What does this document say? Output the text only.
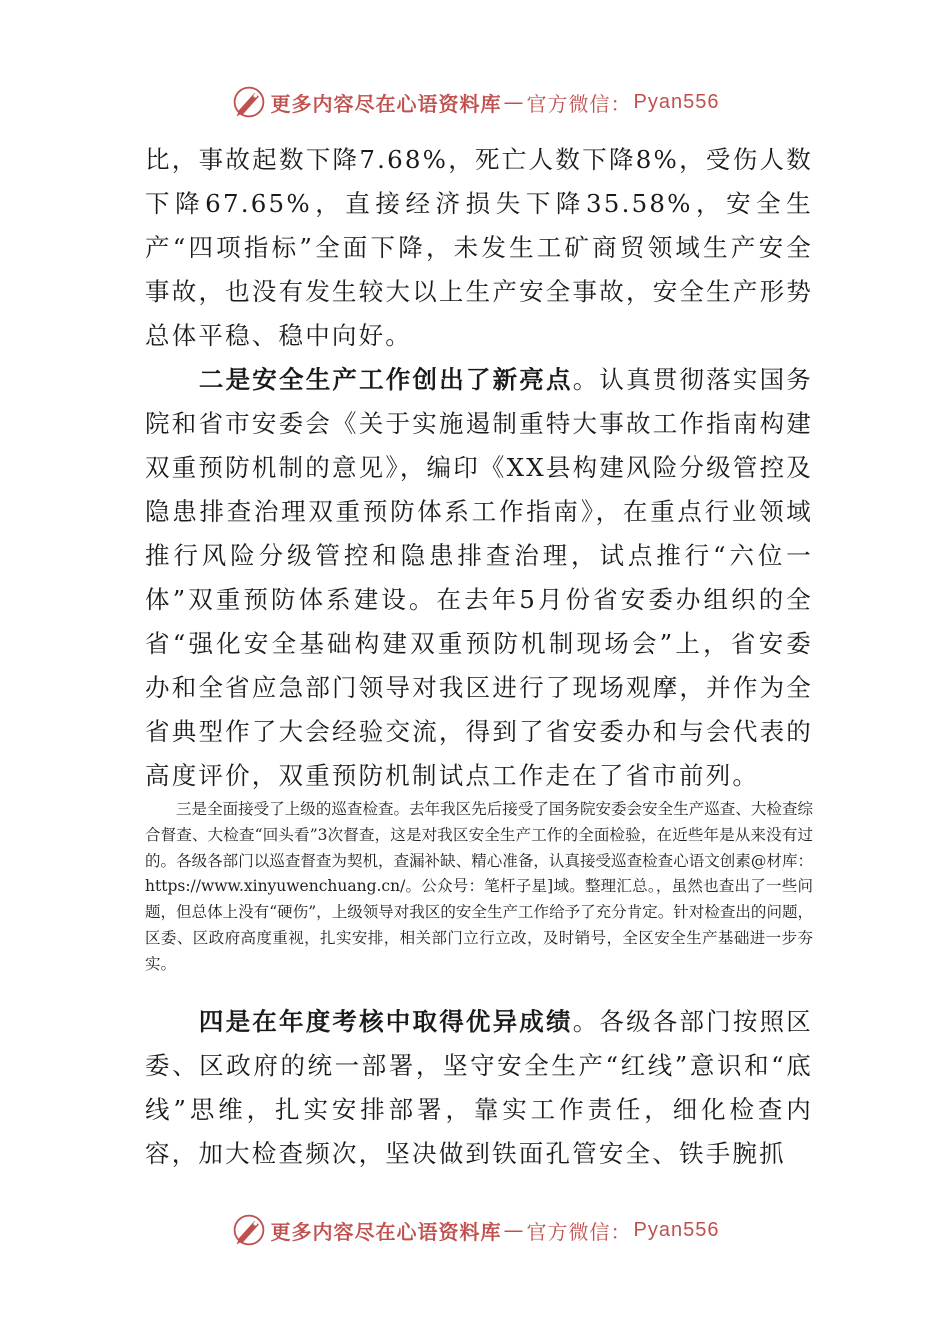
更多内容尽在心语资料库 — 官方微信： Pyan556

比，事故起数下降7.68%，死亡人数下降8%，受伤人数下降67.65%，直接经济损失下降35.58%，安全生产“四项指标”全面下降，未发生工矿商贸领域生产安全事故，也没有发生较大以上生产安全事故，安全生产形势总体平稳、稳中向好。

二是安全生产工作创出了新亮点。认真贯彻落实国务院和省市安委会《关于实施遏制重特大事故工作指南构建双重预防机制的意见》，编印《XX县构建风险分级管控及隐患排查治理双重预防体系工作指南》，在重点行业领域推行风险分级管控和隐患排查治理，试点推行“六位一体”双重预防体系建设。在去年5月份省安委办组织的全省“强化安全基础构建双重预防机制现场会”上，省安委办和全省应急部门领导对我区进行了现场观摩，并作为全省典型作了大会经验交流，得到了省安委办和与会代表的高度评价，双重预防机制试点工作走在了省市前列。

三是全面接受了上级的巡查检查。去年我区先后接受了国务院安委会安全生产巡查、大检查综合督查、大检查“回头看”3次督查，这是对我区安全生产工作的全面检验，在近些年是从来没有过的。各级各部门以巡查督查为契机，查漏补缺、精心准备，认真接受巡查检查心语文创素@材库：https://www.xinyuwenchuang.cn/。公众号：笔杆子星]域。整理汇总。，虽然也查出了一些问题，但总体上没有“硬伤”，上级领导对我区的安全生产工作给予了充分肯定。针对检查出的问题，区委、区政府高度重视，扎实安排，相关部门立行立改，及时销号，全区安全生产基础进一步夯实。

四是在年度考核中取得优异成绩。各级各部门按照区委、区政府的统一部署，坚守安全生产“红线”意识和“底线”思维，扎实安排部署，靠实工作责任，细化检查内容，加大检查频次，坚决做到铁面孔管安全、铁手腕抓

更多内容尽在心语资料库 — 官方微信： Pyan556
